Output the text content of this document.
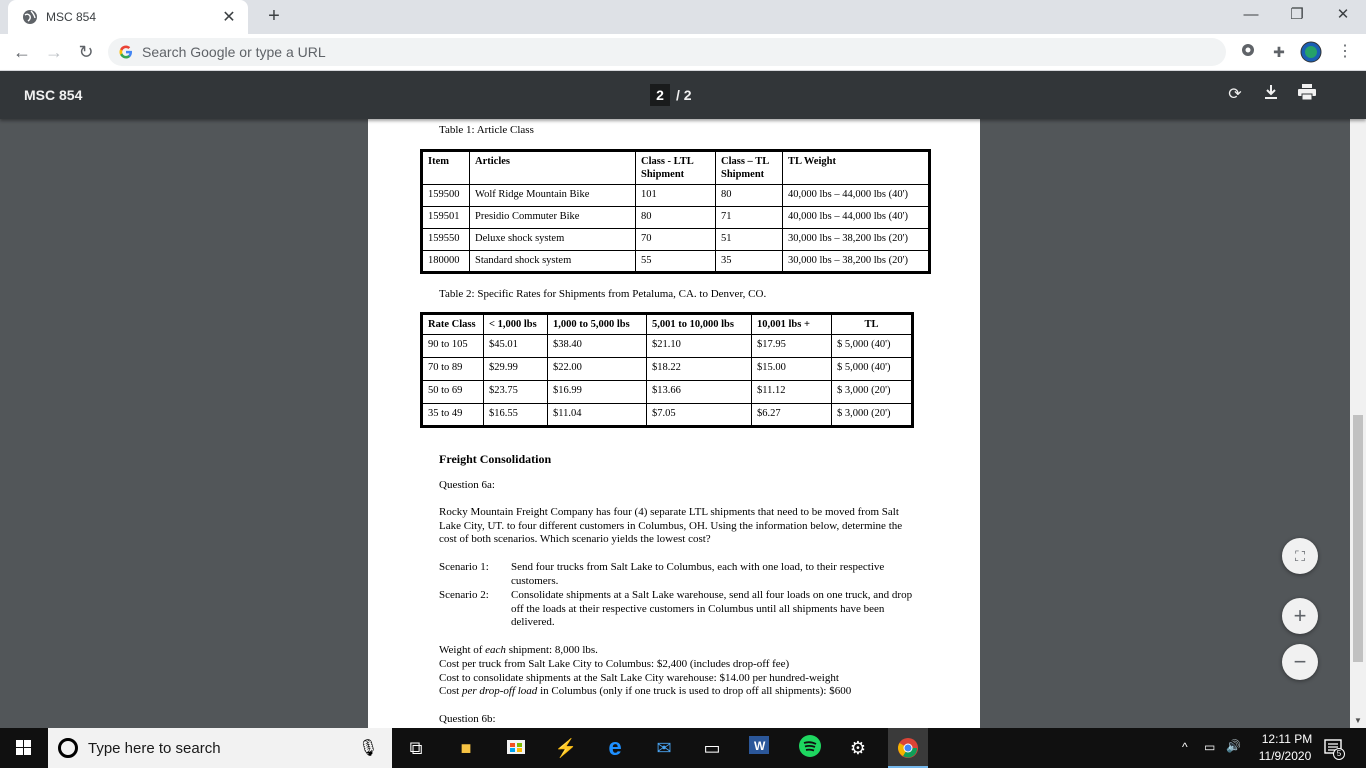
MSC 854	✕	+	—	❐	✕
← → ↻
Search Google or type a URL	✚	⋮
MSC 854	2 / 2	⟳
Table 1: Article Class
Item	Articles	Class - LTL Shipment	Class – TL Shipment	TL Weight
159500	Wolf Ridge Mountain Bike	101	80	40,000 lbs – 44,000 lbs (40')
159501	Presidio Commuter Bike	80	71	40,000 lbs – 44,000 lbs (40')
159550	Deluxe shock system	70	51	30,000 lbs – 38,200 lbs (20')
180000	Standard shock system	55	35	30,000 lbs – 38,200 lbs (20')
Table 2: Specific Rates for Shipments from Petaluma, CA. to Denver, CO.
Rate Class	< 1,000 lbs	1,000 to 5,000 lbs	5,001 to 10,000 lbs	10,001 lbs +	TL
90 to 105	$45.01	$38.40	$21.10	$17.95	$ 5,000 (40')
70 to 89	$29.99	$22.00	$18.22	$15.00	$ 5,000 (40')
50 to 69	$23.75	$16.99	$13.66	$11.12	$ 3,000 (20')
35 to 49	$16.55	$11.04	$7.05	$6.27	$ 3,000 (20')
Freight Consolidation
Question 6a:
Rocky Mountain Freight Company has four (4) separate LTL shipments that need to be moved from Salt Lake City, UT. to four different customers in Columbus, OH. Using the information below, determine the cost of both scenarios. Which scenario yields the lowest cost?
Scenario 1: Send four trucks from Salt Lake to Columbus, each with one load, to their respective customers.
Scenario 2: Consolidate shipments at a Salt Lake warehouse, send all four loads on one truck, and drop off the loads at their respective customers in Columbus until all shipments have been delivered.
Weight of each shipment: 8,000 lbs.
Cost per truck from Salt Lake City to Columbus: $2,400 (includes drop-off fee)
Cost to consolidate shipments at the Salt Lake City warehouse: $14.00 per hundred-weight
Cost per drop-off load in Columbus (only if one truck is used to drop off all shipments): $600
Question 6b:
⛶
+
−
▼
Type here to search
🎙	⧉	■	⚡	e	✉	▭	W	⚙	^ ▭ 🔊	12:11 PM
11/9/2020	5
